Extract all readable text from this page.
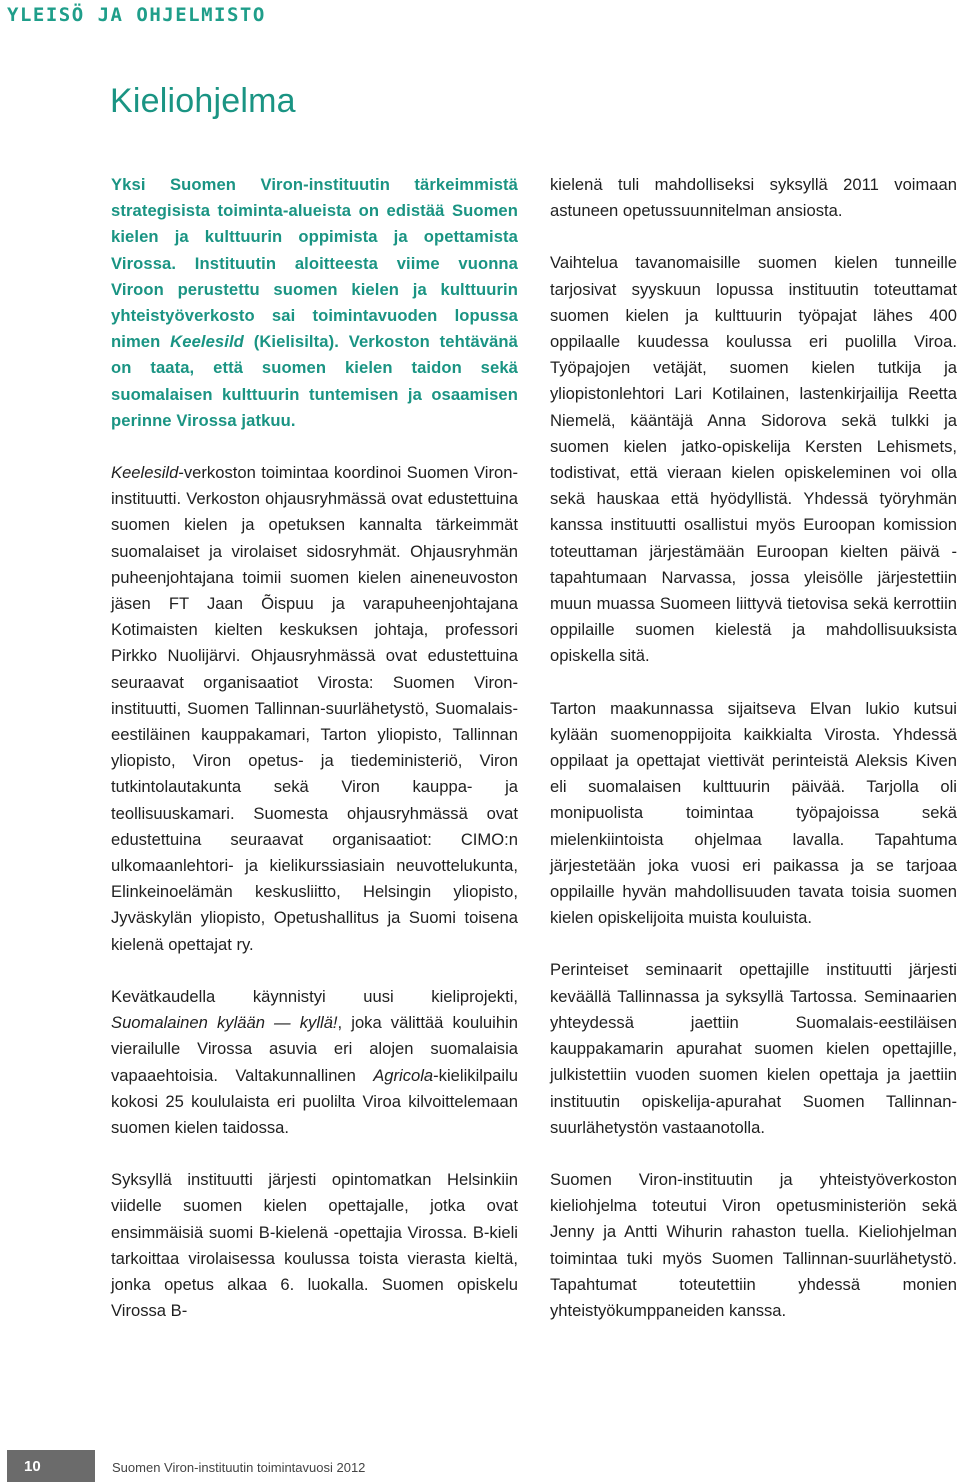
YLEISÖ JA OHJELMISTO
Kieliohjelma

Yksi Suomen Viron-instituutin tärkeimmistä strategisista toiminta-alueista on edistää Suomen kielen ja kulttuurin oppimista ja opettamista Virossa. Instituutin aloitteesta viime vuonna Viroon perustettu suomen kielen ja kulttuurin yhteistyöverkosto sai toimintavuoden lopussa nimen Keelesild (Kielisilta). Verkoston tehtävänä on taata, että suomen kielen taidon sekä suomalaisen kulttuurin tuntemisen ja osaamisen perinne Virossa jatkuu.

Keelesild-verkoston toimintaa koordinoi Suomen Viron-instituutti. Verkoston ohjausryhmässä ovat edustettuina suomen kielen ja opetuksen kannalta tärkeimmät suomalaiset ja virolaiset sidosryhmät. Ohjausryhmän puheenjohtajana toimii suomen kielen aineneuvoston jäsen FT Jaan Õispuu ja varapuheenjohtajana Kotimaisten kielten keskuksen johtaja, professori Pirkko Nuolijärvi. Ohjausryhmässä ovat edustettuina seuraavat organisaatiot Virosta: Suomen Viron-instituutti, Suomen Tallinnan-suurlähetystö, Suomalais-eestiläinen kauppakamari, Tarton yliopisto, Tallinnan yliopisto, Viron opetus- ja tiedeministeriö, Viron tutkintolautakunta sekä Viron kauppa- ja teollisuuskamari. Suomesta ohjausryhmässä ovat edustettuina seuraavat organisaatiot: CIMO:n ulkomaanlehtori- ja kielikurssiasiain neuvottelukunta, Elinkeinoelämän keskusliitto, Helsingin yliopisto, Jyväskylän yliopisto, Opetushallitus ja Suomi toisena kielenä opettajat ry.

Kevätkaudella käynnistyi uusi kieliprojekti, Suomalainen kylään — kyllä!, joka välittää kouluihin vierailulle Virossa asuvia eri alojen suomalaisia vapaaehtoisia. Valtakunnallinen Agricola-kielikilpailu kokosi 25 koululaista eri puolilta Viroa kilvoittelemaan suomen kielen taidossa.

Syksyllä instituutti järjesti opintomatkan Helsinkiin viidelle suomen kielen opettajalle, jotka ovat ensimmäisiä suomi B-kielenä -opettajia Virossa. B-kieli tarkoittaa virolaisessa koulussa toista vierasta kieltä, jonka opetus alkaa 6. luokalla. Suomen opiskelu Virossa B-

kielenä tuli mahdolliseksi syksyllä 2011 voimaan astuneen opetussuunnitelman ansiosta.

Vaihtelua tavanomaisille suomen kielen tunneille tarjosivat syyskuun lopussa instituutin toteuttamat suomen kielen ja kulttuurin työpajat lähes 400 oppilaalle kuudessa koulussa eri puolilla Viroa. Työpajojen vetäjät, suomen kielen tutkija ja yliopistonlehtori Lari Kotilainen, lastenkirjailija Reetta Niemelä, kääntäjä Anna Sidorova sekä tulkki ja suomen kielen jatko-opiskelija Kersten Lehismets, todistivat, että vieraan kielen opiskeleminen voi olla sekä hauskaa että hyödyllistä. Yhdessä työryhmän kanssa instituutti osallistui myös Euroopan komission toteuttaman järjestämään Euroopan kielten päivä -tapahtumaan Narvassa, jossa yleisölle järjestettiin muun muassa Suomeen liittyvä tietovisa sekä kerrottiin oppilaille suomen kielestä ja mahdollisuuksista opiskella sitä.

Tarton maakunnassa sijaitseva Elvan lukio kutsui kylään suomenoppijoita kaikkialta Virosta. Yhdessä oppilaat ja opettajat viettivät perinteistä Aleksis Kiven eli suomalaisen kulttuurin päivää. Tarjolla oli monipuolista toimintaa työpajoissa sekä mielenkiintoista ohjelmaa lavalla. Tapahtuma järjestetään joka vuosi eri paikassa ja se tarjoaa oppilaille hyvän mahdollisuuden tavata toisia suomen kielen opiskelijoita muista kouluista.

Perinteiset seminaarit opettajille instituutti järjesti keväällä Tallinnassa ja syksyllä Tartossa. Seminaarien yhteydessä jaettiin Suomalais-eestiläisen kauppakamarin apurahat suomen kielen opettajille, julkistettiin vuoden suomen kielen opettaja ja jaettiin instituutin opiskelija-apurahat Suomen Tallinnan-suurlähetystön vastaanotolla.

Suomen Viron-instituutin ja yhteistyöverkoston kieliohjelma toteutui Viron opetusministeriön sekä Jenny ja Antti Wihurin rahaston tuella. Kieliohjelman toimintaa tuki myös Suomen Tallinnan-suurlähetystö. Tapahtumat toteutettiin yhdessä monien yhteistyökumppaneiden kanssa.

10	Suomen Viron-instituutin toimintavuosi 2012
